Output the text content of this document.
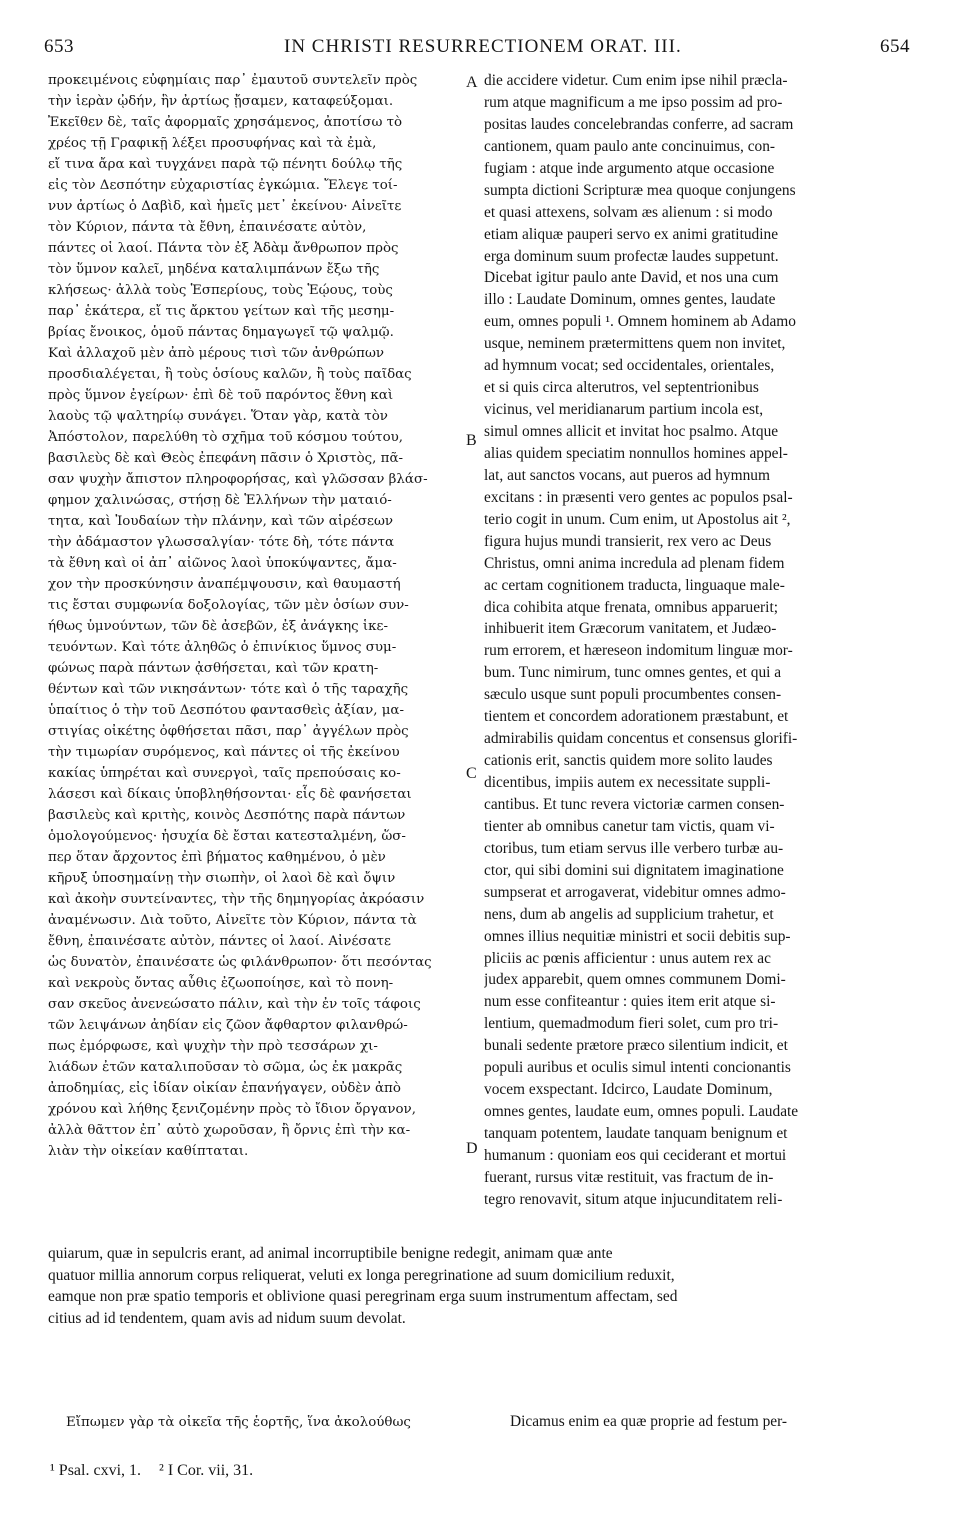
653	IN CHRISTI RESURRECTIONEM ORAT. III.	654
προκειμένοις εὐφημίαις παρ᾽ ἐμαυτοῦ συντελεῖν πρὸς
τὴν ἱερὰν ᾠδήν, ἣν ἀρτίως ᾔσαμεν, καταφεύξομαι.
Ἐκεῖθεν δὲ, ταῖς ἀφορμαῖς χρησάμενος, ἀποτίσω τὸ
χρέος τῇ Γραφικῇ λέξει προσυφήνας καὶ τὰ ἐμὰ,
εἴ τινα ἄρα καὶ τυγχάνει παρὰ τῷ πένητι δούλῳ τῆς
εἰς τὸν Δεσπότην εὐχαριστίας ἐγκώμια. Ἔλεγε τοί-
νυν ἀρτίως ὁ Δαβὶδ, καὶ ἡμεῖς μετ᾽ ἐκείνου· Αἰνεῖτε
τὸν Κύριον, πάντα τὰ ἔθνη, ἐπαινέσατε αὐτὸν,
πάντες οἱ λαοί. Πάντα τὸν ἐξ Ἀδὰμ ἄνθρωπον πρὸς
τὸν ὕμνον καλεῖ, μηδένα καταλιμπάνων ἔξω τῆς
κλήσεως· ἀλλὰ τοὺς Ἑσπερίους, τοὺς Ἑῴους, τοὺς
παρ᾽ ἑκάτερα, εἴ τις ἄρκτου γείτων καὶ τῆς μεσημ-
βρίας ἔνοικος, ὁμοῦ πάντας δημαγωγεῖ τῷ ψαλμῷ.
Καὶ ἀλλαχοῦ μὲν ἀπὸ μέρους τισὶ τῶν ἀνθρώπων
προσδιαλέγεται, ἢ τοὺς ὁσίους καλῶν, ἢ τοὺς παῖδας
πρὸς ὕμνον ἐγείρων· ἐπὶ δὲ τοῦ παρόντος ἔθνη καὶ
λαοὺς τῷ ψαλτηρίῳ συνάγει. Ὅταν γὰρ, κατὰ τὸν
Ἀπόστολον, παρελύθη τὸ σχῆμα τοῦ κόσμου τούτου,
βασιλεὺς δὲ καὶ Θεὸς ἐπεφάνη πᾶσιν ὁ Χριστὸς, πᾶ-
σαν ψυχὴν ἄπιστον πληροφορήσας, καὶ γλῶσσαν βλάσ-
φημον χαλινώσας, στήσῃ δὲ Ἑλλήνων τὴν ματαιό-
τητα, καὶ Ἰουδαίων τὴν πλάνην, καὶ τῶν αἱρέσεων
τὴν ἀδάμαστον γλωσσαλγίαν· τότε δὴ, τότε πάντα
τὰ ἔθνη καὶ οἱ ἀπ᾽ αἰῶνος λαοὶ ὑποκύψαντες, ἄμα-
χον τὴν προσκύνησιν ἀναπέμψουσιν, καὶ θαυμαστή
τις ἔσται συμφωνία δοξολογίας, τῶν μὲν ὁσίων συν-
ήθως ὑμνούντων, τῶν δὲ ἀσεβῶν, ἐξ ἀνάγκης ἱκε-
τευόντων. Καὶ τότε ἀληθῶς ὁ ἐπινίκιος ὕμνος συμ-
φώνως παρὰ πάντων ᾀσθήσεται, καὶ τῶν κρατη-
θέντων καὶ τῶν νικησάντων· τότε καὶ ὁ τῆς ταραχῆς
ὑπαίτιος ὁ τὴν τοῦ Δεσπότου φαντασθεὶς ἀξίαν, μα-
στιγίας οἰκέτης ὀφθήσεται πᾶσι, παρ᾽ ἀγγέλων πρὸς
τὴν τιμωρίαν συρόμενος, καὶ πάντες οἱ τῆς ἐκείνου
κακίας ὑπηρέται καὶ συνεργοὶ, ταῖς πρεπούσαις κο-
λάσεσι καὶ δίκαις ὑποβληθήσονται· εἷς δὲ φανήσεται
βασιλεὺς καὶ κριτὴς, κοινὸς Δεσπότης παρὰ πάντων
ὁμολογούμενος· ἡσυχία δὲ ἔσται κατεσταλμένη, ὥσ-
περ ὅταν ἄρχοντος ἐπὶ βήματος καθημένου, ὁ μὲν
κῆρυξ ὑποσημαίνῃ τὴν σιωπὴν, οἱ λαοὶ δὲ καὶ ὄψιν
καὶ ἀκοὴν συντείναντες, τὴν τῆς δημηγορίας ἀκρόασιν
ἀναμένωσιν. Διὰ τοῦτο, Αἰνεῖτε τὸν Κύριον, πάντα τὰ
ἔθνη, ἐπαινέσατε αὐτὸν, πάντες οἱ λαοί. Αἰνέσατε
ὡς δυνατὸν, ἐπαινέσατε ὡς φιλάνθρωπον· ὅτι πεσόντας
καὶ νεκροὺς ὄντας αὖθις ἐζωοποίησε, καὶ τὸ πονη-
σαν σκεῦος ἀνενεώσατο πάλιν, καὶ τὴν ἐν τοῖς τάφοις
τῶν λειψάνων ἀηδίαν εἰς ζῶον ἄφθαρτον φιλανθρώ-
πως ἐμόρφωσε, καὶ ψυχὴν τὴν πρὸ τεσσάρων χι-
λιάδων ἐτῶν καταλιποῦσαν τὸ σῶμα, ὡς ἐκ μακρᾶς
ἀποδημίας, εἰς ἰδίαν οἰκίαν ἐπανήγαγεν, οὐδὲν ἀπὸ
χρόνου καὶ λήθης ξενιζομένην πρὸς τὸ ἴδιον ὄργανον,
ἀλλὰ θᾶττον ἐπ᾽ αὐτὸ χωροῦσαν, ἢ ὄρνις ἐπὶ τὴν κα-
λιὰν τὴν οἰκείαν καθίπταται.
die accidere videtur. Cum enim ipse nihil præcla-
rum atque magnificum a me ipso possim ad pro-
positas laudes concelebrandas conferre, ad sacram
cantionem, quam paulo ante concinuimus, con-
fugiam : atque inde argumento atque occasione
sumpta dictioni Scripturæ mea quoque conjungens
et quasi attexens, solvam æs alienum : si modo
etiam aliquæ pauperi servo ex animi gratitudine
erga dominum suum profectæ laudes suppetunt.
Dicebat igitur paulo ante David, et nos una cum
illo : Laudate Dominum, omnes gentes, laudate
eum, omnes populi ¹. Omnem hominem ab Adamo
usque, neminem prætermittens quem non invitet,
ad hymnum vocat; sed occidentales, orientales,
et si quis circa alterutros, vel septentrionibus
vicinus, vel meridianarum partium incola est,
simul omnes allicit et invitat hoc psalmo. Atque
alias quidem speciatim nonnullos homines appel-
lat, aut sanctos vocans, aut pueros ad hymnum
excitans : in præsenti vero gentes ac populos psal-
terio cogit in unum. Cum enim, ut Apostolus ait ²,
figura hujus mundi transierit, rex vero ac Deus
Christus, omni anima incredula ad plenam fidem
ac certam cognitionem traducta, linguaque male-
dica cohibita atque frenata, omnibus apparuerit;
inhibuerit item Græcorum vanitatem, et Judæo-
rum errorem, et hæreseon indomitum linguæ mor-
bum. Tunc nimirum, tunc omnes gentes, et qui a
sæculo usque sunt populi procumbentes consen-
tientem et concordem adorationem præstabunt, et
admirabilis quidam concentus et consensus glorifi-
cationis erit, sanctis quidem more solito laudes
dicentibus, impiis autem ex necessitate suppli-
cantibus. Et tunc revera victoriæ carmen consen-
tienter ab omnibus canetur tam victis, quam vi-
ctoribus, tum etiam servus ille verbero turbæ au-
ctor, qui sibi domini sui dignitatem imaginatione
sumpserat et arrogaverat, videbitur omnes admo-
nens, dum ab angelis ad supplicium trahetur, et
omnes illius nequitiæ ministri et socii debitis sup-
pliciis ac pœnis afficientur : unus autem rex ac
judex apparebit, quem omnes communem Domi-
num esse confiteantur : quies item erit atque si-
lentium, quemadmodum fieri solet, cum pro tri-
bunali sedente prætore præco silentium indicit, et
populi auribus et oculis simul intenti concionantis
vocem exspectant. Idcirco, Laudate Dominum,
omnes gentes, laudate eum, omnes populi. Laudate
tanquam potentem, laudate tanquam benignum et
humanum : quoniam eos qui ceciderant et mortui
fuerant, rursus vitæ restituit, vas fractum de in-
tegro renovavit, situm atque injucunditatem reli-
A
B
C
D
quiarum, quæ in sepulcris erant, ad animal incorruptibile benigne redegit, animam quæ ante
quatuor millia annorum corpus reliquerat, veluti ex longa peregrinatione ad suum domicilium reduxit,
eamque non præ spatio temporis et oblivione quasi peregrinam erga suum instrumentum affectam, sed
citius ad id tendentem, quam avis ad nidum suum devolat.
Εἴπωμεν γὰρ τὰ οἰκεῖα τῆς ἑορτῆς, ἵνα ἀκολούθως	Dicamus enim ea quæ proprie ad festum per-
¹ Psal. cxvi, 1. ² I Cor. vii, 31.
